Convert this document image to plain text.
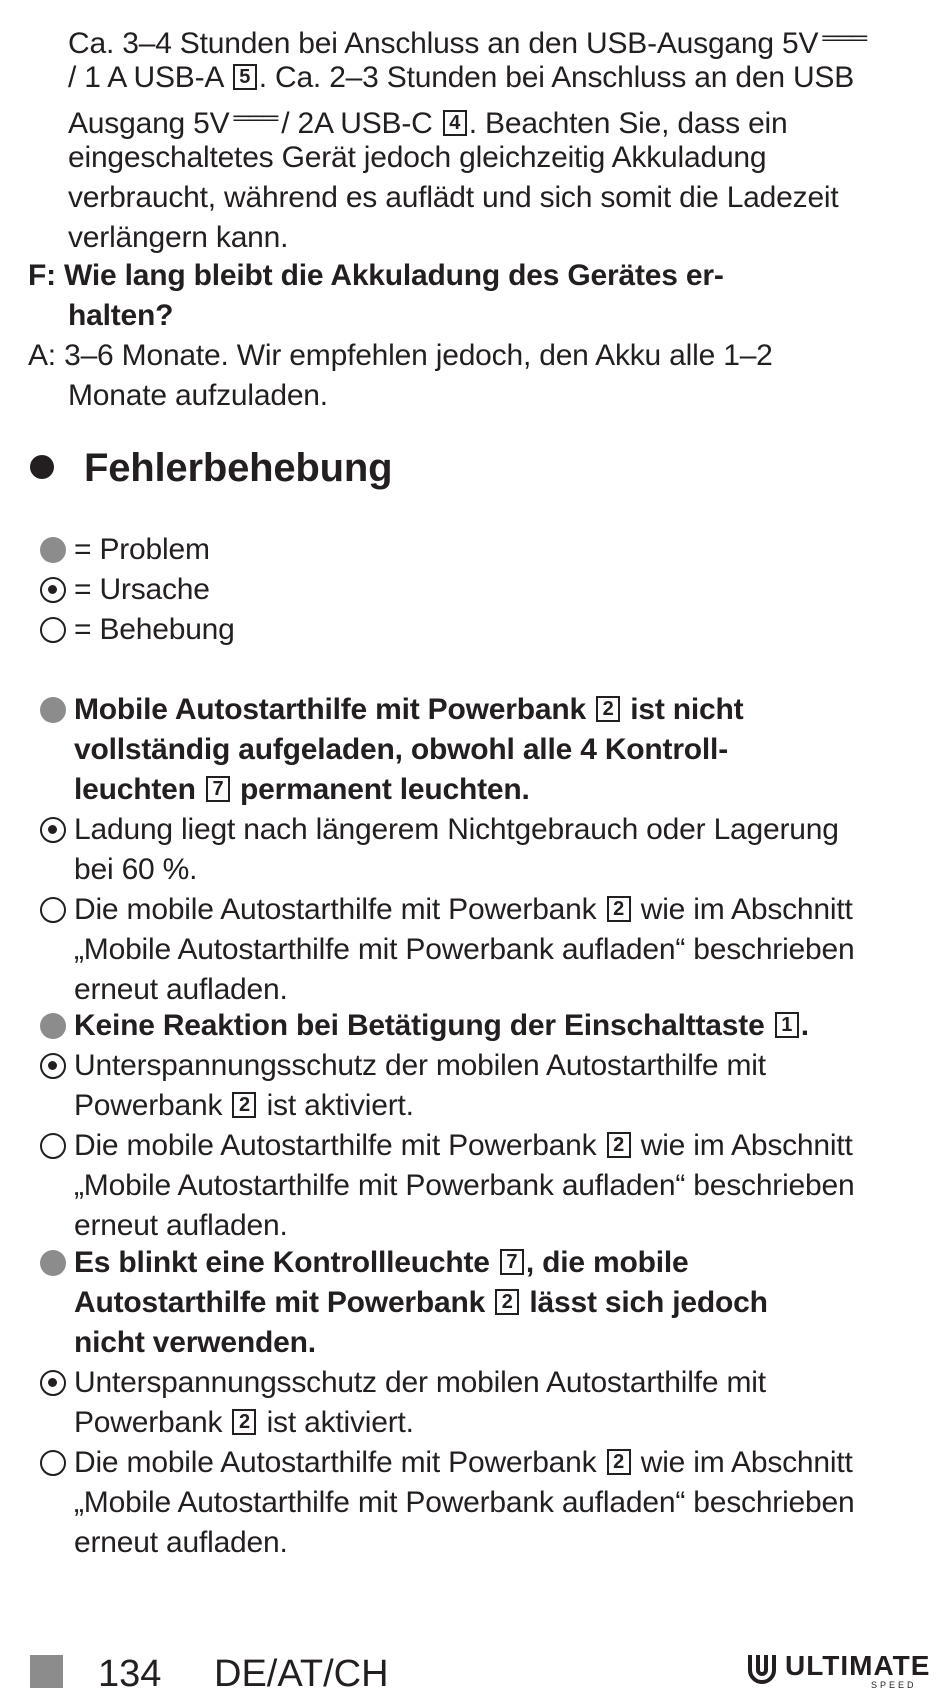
Ca. 3–4 Stunden bei Anschluss an den USB-Ausgang 5V ═══
/ 1 A USB-A 5 . Ca. 2–3 Stunden bei Anschluss an den USB
Ausgang 5V ═══ / 2A USB-C 4 . Beachten Sie, dass ein
eingeschaltetes Gerät jedoch gleichzeitig Akkuladung
verbraucht, während es auflädt und sich somit die Ladezeit
verlängern kann.
F: Wie lang bleibt die Akkuladung des Gerätes er-
halten?
A: 3–6 Monate. Wir empfehlen jedoch, den Akku alle 1–2
Monate aufzuladen.
Fehlerbehebung
= Problem
= Ursache
= Behebung
Mobile Autostarthilfe mit Powerbank 2 ist nicht
vollständig aufgeladen, obwohl alle 4 Kontroll-
leuchten 7 permanent leuchten.
Ladung liegt nach längerem Nichtgebrauch oder Lagerung
bei 60 %.
Die mobile Autostarthilfe mit Powerbank 2 wie im Abschnitt
„Mobile Autostarthilfe mit Powerbank aufladen“ beschrieben
erneut aufladen.
Keine Reaktion bei Betätigung der Einschalttaste 1 .
Unterspannungsschutz der mobilen Autostarthilfe mit
Powerbank 2 ist aktiviert.
Die mobile Autostarthilfe mit Powerbank 2 wie im Abschnitt
„Mobile Autostarthilfe mit Powerbank aufladen“ beschrieben
erneut aufladen.
Es blinkt eine Kontrollleuchte 7 , die mobile
Autostarthilfe mit Powerbank 2 lässt sich jedoch
nicht verwenden.
Unterspannungsschutz der mobilen Autostarthilfe mit
Powerbank 2 ist aktiviert.
Die mobile Autostarthilfe mit Powerbank 2 wie im Abschnitt
„Mobile Autostarthilfe mit Powerbank aufladen“ beschrieben
erneut aufladen.
134 DE/AT/CH	ULTIMATE
SPEED
